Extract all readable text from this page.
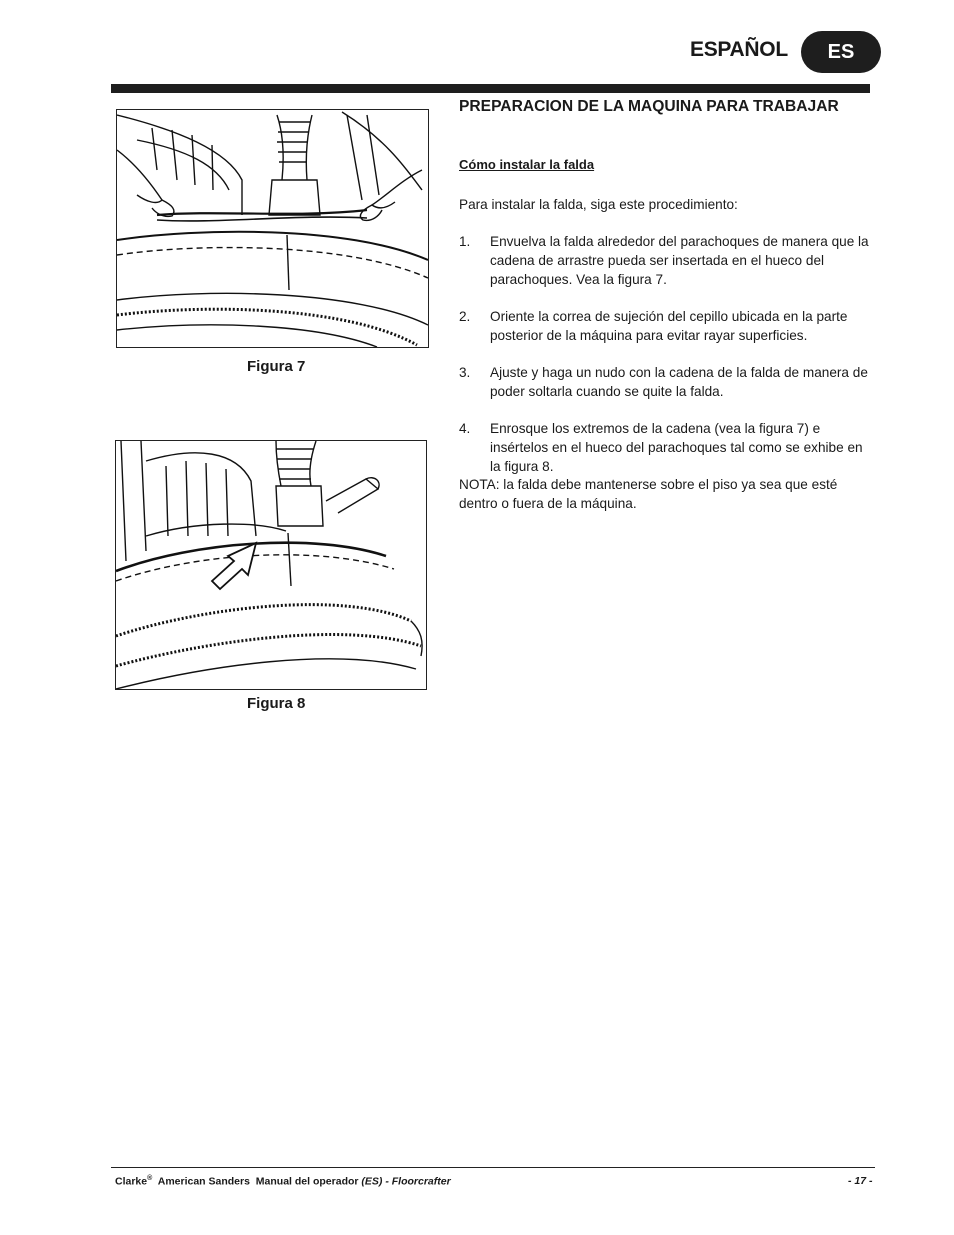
ESPAÑOL	ES
Figura 7
Figura 8
PREPARACION DE LA MAQUINA PARA TRABAJAR
Cómo instalar la falda
Para instalar la falda, siga este procedimiento:
1. Envuelva la falda alrededor del parachoques de manera que la cadena de arrastre pueda ser insertada en el hueco del parachoques. Vea la figura 7.
2. Oriente la correa de sujeción del cepillo ubicada en la parte posterior de la máquina para evitar rayar superficies.
3. Ajuste y haga un nudo con la cadena de la falda de manera de poder soltarla cuando se quite la falda.
4. Enrosque los extremos de la cadena (vea la figura 7) e insértelos en el hueco del parachoques tal como se exhibe en la figura 8.
NOTA: la falda debe mantenerse sobre el piso ya sea que esté dentro o fuera de la máquina.
Clarke® American Sanders Manual del operador (ES) - Floorcrafter	- 17 -
